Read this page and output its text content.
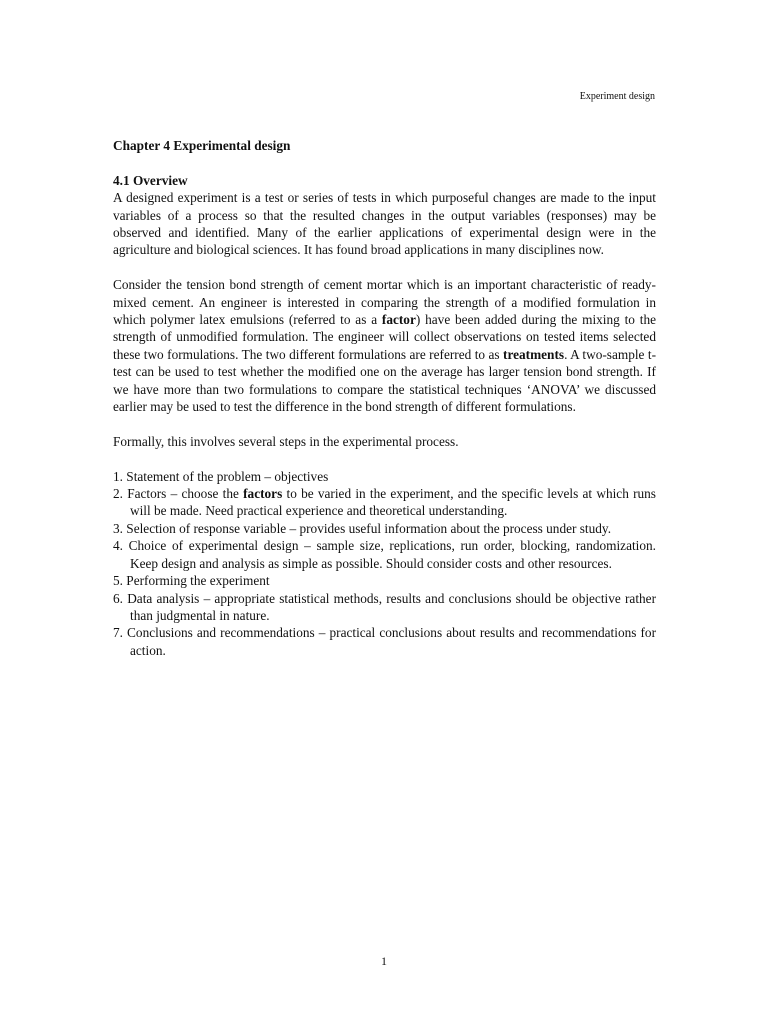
Experiment design

Chapter 4 Experimental design

4.1 Overview

A designed experiment is a test or series of tests in which purposeful changes are made to the input variables of a process so that the resulted changes in the output variables (responses) may be observed and identified. Many of the earlier applications of experimental design were in the agriculture and biological sciences. It has found broad applications in many disciplines now.

Consider the tension bond strength of cement mortar which is an important characteristic of ready-mixed cement. An engineer is interested in comparing the strength of a modified formulation in which polymer latex emulsions (referred to as a factor) have been added during the mixing to the strength of unmodified formulation. The engineer will collect observations on tested items selected these two formulations. The two different formulations are referred to as treatments. A two-sample t-test can be used to test whether the modified one on the average has larger tension bond strength. If we have more than two formulations to compare the statistical techniques ‘ANOVA’ we discussed earlier may be used to test the difference in the bond strength of different formulations.

Formally, this involves several steps in the experimental process.

1. Statement of the problem – objectives
2. Factors – choose the factors to be varied in the experiment, and the specific levels at which runs will be made. Need practical experience and theoretical understanding.
3. Selection of response variable – provides useful information about the process under study.
4. Choice of experimental design – sample size, replications, run order, blocking, randomization. Keep design and analysis as simple as possible. Should consider costs and other resources.
5. Performing the experiment
6. Data analysis – appropriate statistical methods, results and conclusions should be objective rather than judgmental in nature.
7. Conclusions and recommendations – practical conclusions about results and recommendations for action.
1
